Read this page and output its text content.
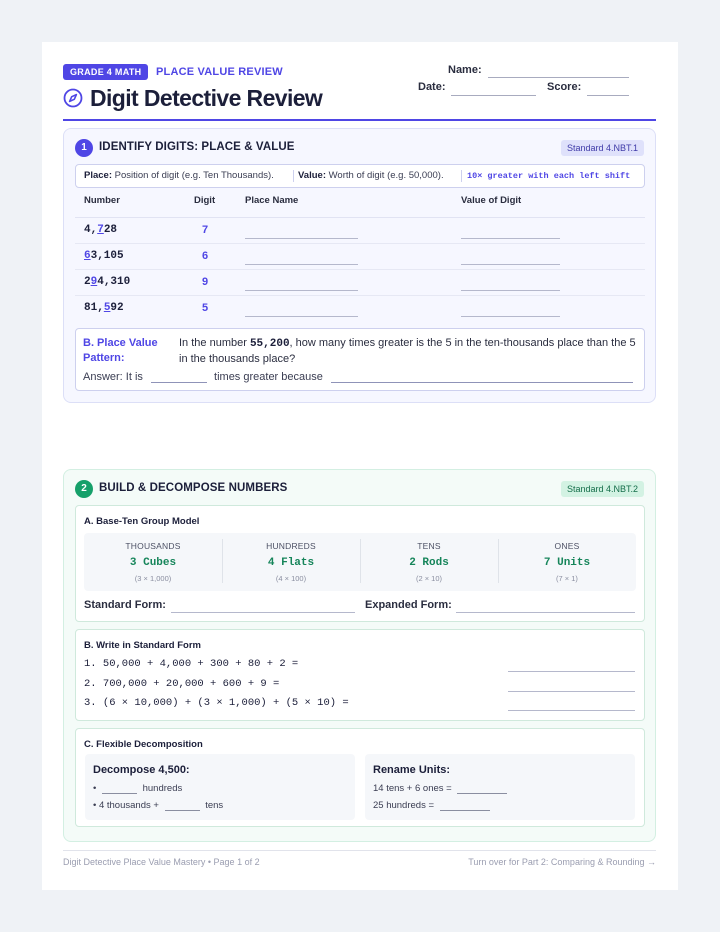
GRADE 4 MATH	PLACE VALUE REVIEW
Digit Detective Review
Name:
Date:	Score:
1	IDENTIFY DIGITS: PLACE & VALUE	Standard 4.NBT.1
Place: Position of digit (e.g. Ten Thousands).	Value: Worth of digit (e.g. 50,000).	10× greater with each left shift
Number	Digit	Place Name	Value of Digit
4,728	7
63,105	6
294,310	9
81,592	5
B. Place Value Pattern:
In the number 55,200, how many times greater is the 5 in the ten-thousands place than the 5 in the thousands place?
Answer: It is	times greater because
2	BUILD & DECOMPOSE NUMBERS	Standard 4.NBT.2
A. Base-Ten Group Model
THOUSANDS
3 Cubes
(3 × 1,000)
HUNDREDS
4 Flats
(4 × 100)
TENS
2 Rods
(2 × 10)
ONES
7 Units
(7 × 1)
Standard Form:	Expanded Form:
B. Write in Standard Form
1. 50,000 + 4,000 + 300 + 80 + 2 =
2. 700,000 + 20,000 + 600 + 9 =
3. (6 × 10,000) + (3 × 1,000) + (5 × 10) =
C. Flexible Decomposition
Decompose 4,500:
•	hundreds
• 4 thousands +	tens
Rename Units:
14 tens + 6 ones =
25 hundreds =
Digit Detective Place Value Mastery • Page 1 of 2	Turn over for Part 2: Comparing & Rounding →
